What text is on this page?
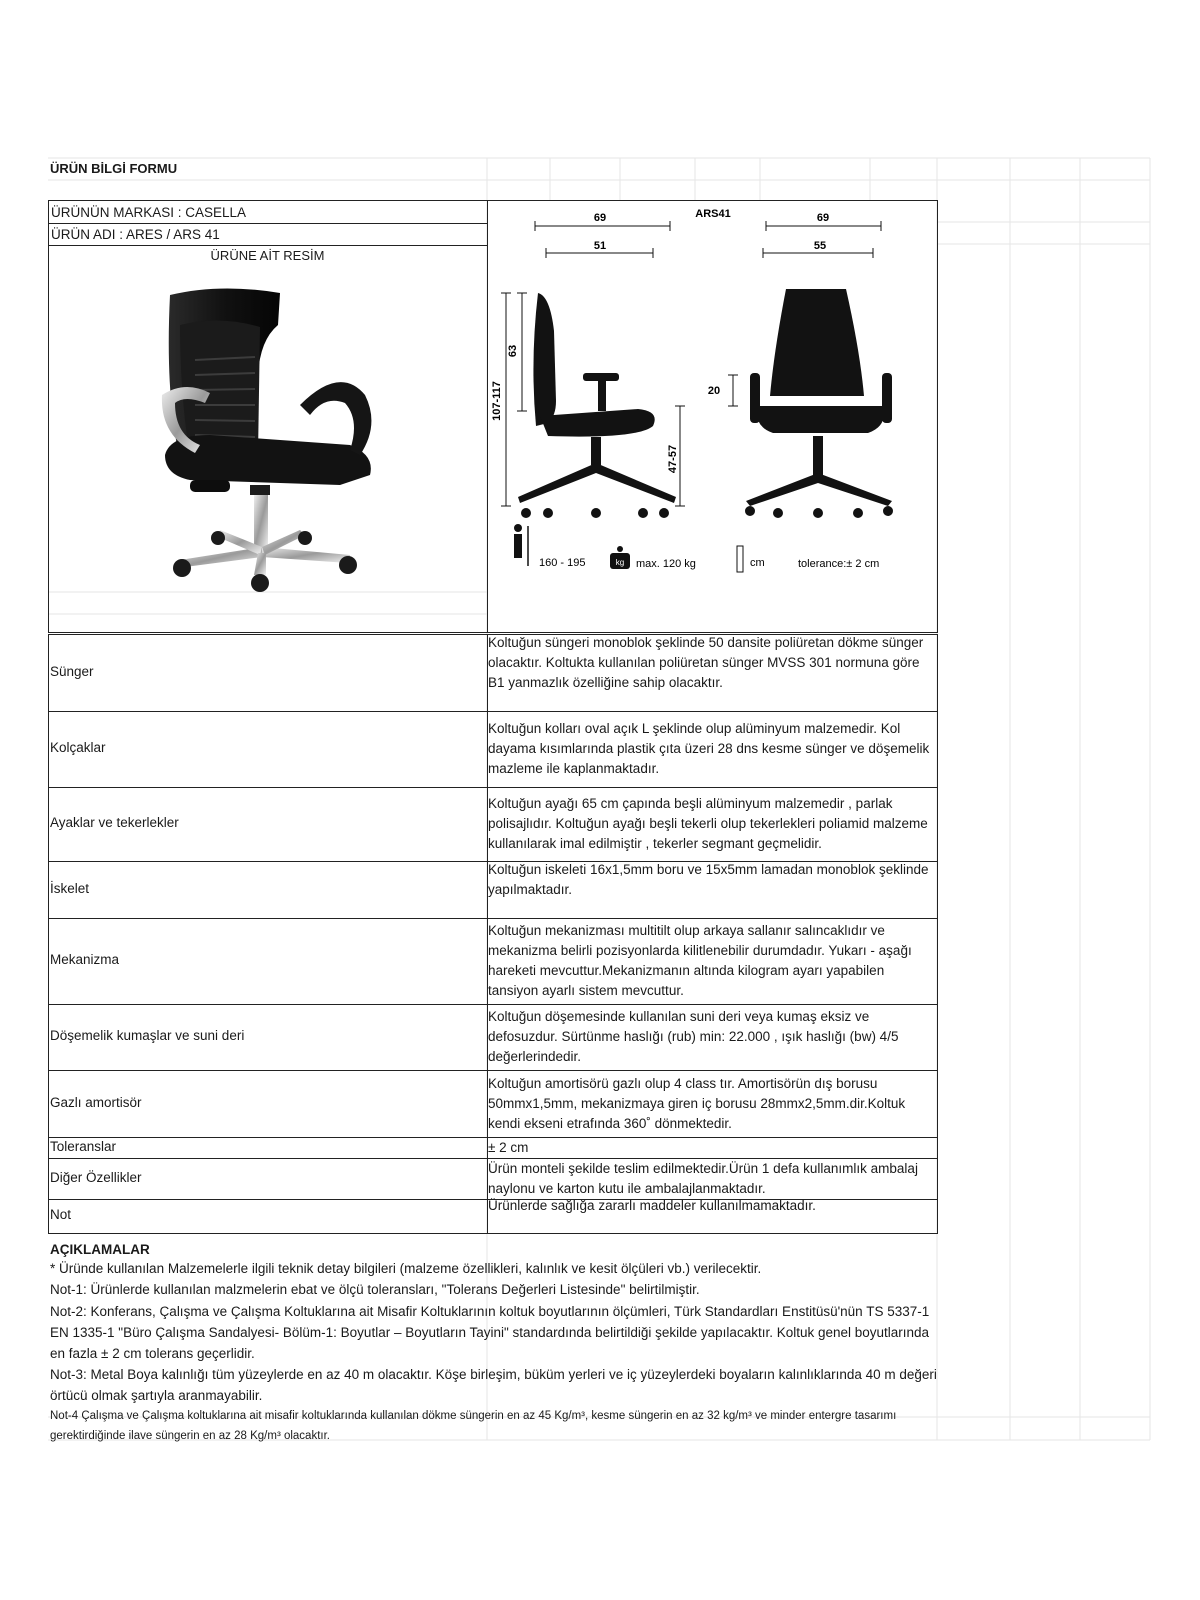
ÜRÜN BİLGİ FORMU
ÜRÜNÜN MARKASI : CASELLA
ÜRÜN ADI : ARES / ARS 41
ÜRÜNE AİT RESİM
ARS41
69
51
69
55
107-117
63
47-57
20
kg
160 - 195	max. 120 kg	cm	tolerance:± 2 cm
Sünger
Koltuğun süngeri monoblok şeklinde 50 dansite poliüretan dökme sünger olacaktır. Koltukta kullanılan poliüretan sünger MVSS 301 normuna göre B1 yanmazlık özelliğine sahip olacaktır.
Kolçaklar
Koltuğun kolları oval açık L şeklinde olup alüminyum malzemedir. Kol dayama kısımlarında plastik çıta üzeri 28 dns kesme sünger ve döşemelik mazleme ile kaplanmaktadır.
Ayaklar ve tekerlekler
Koltuğun ayağı 65 cm çapında beşli alüminyum malzemedir , parlak polisajlıdır. Koltuğun ayağı beşli tekerli olup tekerlekleri poliamid malzeme kullanılarak imal edilmiştir , tekerler segmant geçmelidir.
İskelet
Koltuğun iskeleti 16x1,5mm boru ve 15x5mm lamadan monoblok şeklinde yapılmaktadır.
Mekanizma
Koltuğun mekanizması multitilt olup arkaya sallanır salıncaklıdır ve mekanizma belirli pozisyonlarda kilitlenebilir durumdadır. Yukarı - aşağı hareketi mevcuttur.Mekanizmanın altında kilogram ayarı yapabilen tansiyon ayarlı sistem mevcuttur.
Döşemelik kumaşlar ve suni deri
Koltuğun döşemesinde kullanılan suni deri veya kumaş eksiz ve defosuzdur. Sürtünme haslığı (rub) min: 22.000 , ışık haslığı (bw) 4/5 değerlerindedir.
Gazlı amortisör
Koltuğun amortisörü gazlı olup 4 class tır. Amortisörün dış borusu 50mmx1,5mm, mekanizmaya giren iç borusu 28mmx2,5mm.dir.Koltuk kendi ekseni etrafında 360˚ dönmektedir.
Toleranslar	± 2 cm
Diğer Özellikler
Ürün monteli şekilde teslim edilmektedir.Ürün 1 defa kullanımlık ambalaj naylonu ve karton kutu ile ambalajlanmaktadır.
Not
Ürünlerde sağlığa zararlı maddeler kullanılmamaktadır.
AÇIKLAMALAR
* Üründe kullanılan Malzemelerle ilgili teknik detay bilgileri (malzeme özellikleri, kalınlık ve kesit ölçüleri vb.) verilecektir.
Not-1: Ürünlerde kullanılan malzmelerin ebat ve ölçü toleransları, "Tolerans Değerleri Listesinde" belirtilmiştir.
Not-2: Konferans, Çalışma ve Çalışma Koltuklarına ait Misafir Koltuklarının koltuk boyutlarının ölçümleri, Türk Standardları Enstitüsü'nün TS 5337-1 EN 1335-1 "Büro Çalışma Sandalyesi- Bölüm-1: Boyutlar – Boyutların Tayini" standardında belirtildiği şekilde yapılacaktır. Koltuk genel boyutlarında en fazla ± 2 cm tolerans geçerlidir.
Not-3: Metal Boya kalınlığı tüm yüzeylerde en az 40 m olacaktır. Köşe birleşim, büküm yerleri ve iç yüzeylerdeki boyaların kalınlıklarında 40 m değeri örtücü olmak şartıyla aranmayabilir.
Not-4 Çalışma ve Çalışma koltuklarına ait misafir koltuklarında kullanılan dökme süngerin en az 45 Kg/m³, kesme süngerin en az 32 kg/m³ ve minder entergre tasarımı gerektirdiğinde ilave süngerin en az 28 Kg/m³ olacaktır.
